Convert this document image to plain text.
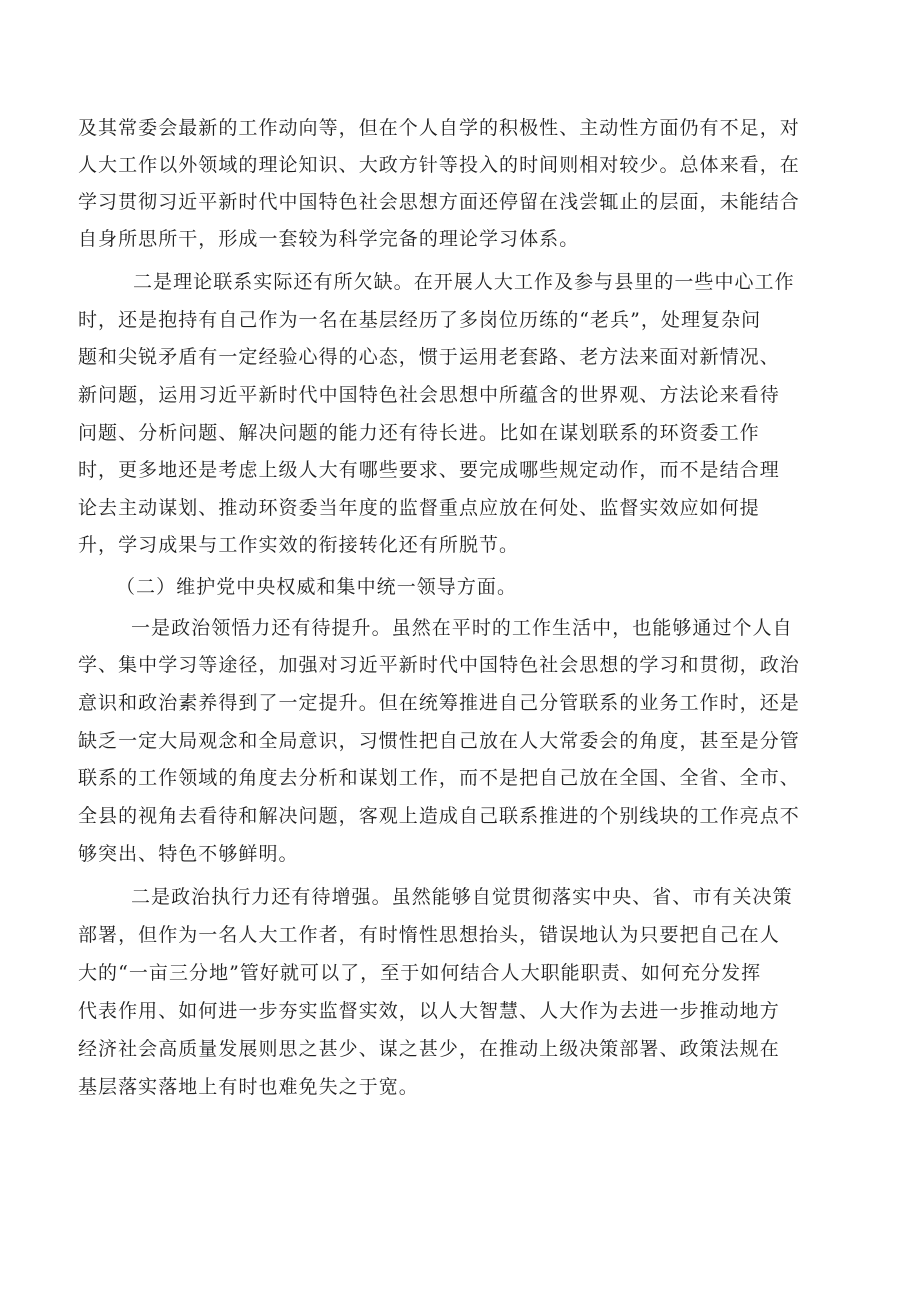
及其常委会最新的工作动向等，但在个人自学的积极性、主动性方面仍有不足，对

人大工作以外领域的理论知识、大政方针等投入的时间则相对较少。总体来看，在

学习贯彻习近平新时代中国特色社会思想方面还停留在浅尝辄止的层面，未能结合

自身所思所干，形成一套较为科学完备的理论学习体系。

二是理论联系实际还有所欠缺。在开展人大工作及参与县里的一些中心工作

时，还是抱持有自己作为一名在基层经历了多岗位历练的“老兵”，处理复杂问

题和尖锐矛盾有一定经验心得的心态，惯于运用老套路、老方法来面对新情况、

新问题，运用习近平新时代中国特色社会思想中所蕴含的世界观、方法论来看待

问题、分析问题、解决问题的能力还有待长进。比如在谋划联系的环资委工作

时，更多地还是考虑上级人大有哪些要求、要完成哪些规定动作，而不是结合理

论去主动谋划、推动环资委当年度的监督重点应放在何处、监督实效应如何提

升，学习成果与工作实效的衔接转化还有所脱节。

（二）维护党中央权威和集中统一领导方面。

一是政治领悟力还有待提升。虽然在平时的工作生活中，也能够通过个人自

学、集中学习等途径，加强对习近平新时代中国特色社会思想的学习和贯彻，政治

意识和政治素养得到了一定提升。但在统筹推进自己分管联系的业务工作时，还是

缺乏一定大局观念和全局意识，习惯性把自己放在人大常委会的角度，甚至是分管

联系的工作领域的角度去分析和谋划工作，而不是把自己放在全国、全省、全市、

全县的视角去看待和解决问题，客观上造成自己联系推进的个别线块的工作亮点不

够突出、特色不够鲜明。

二是政治执行力还有待增强。虽然能够自觉贯彻落实中央、省、市有关决策

部署，但作为一名人大工作者，有时惰性思想抬头，错误地认为只要把自己在人

大的“一亩三分地”管好就可以了，至于如何结合人大职能职责、如何充分发挥

代表作用、如何进一步夯实监督实效，以人大智慧、人大作为去进一步推动地方

经济社会高质量发展则思之甚少、谋之甚少，在推动上级决策部署、政策法规在

基层落实落地上有时也难免失之于宽。
